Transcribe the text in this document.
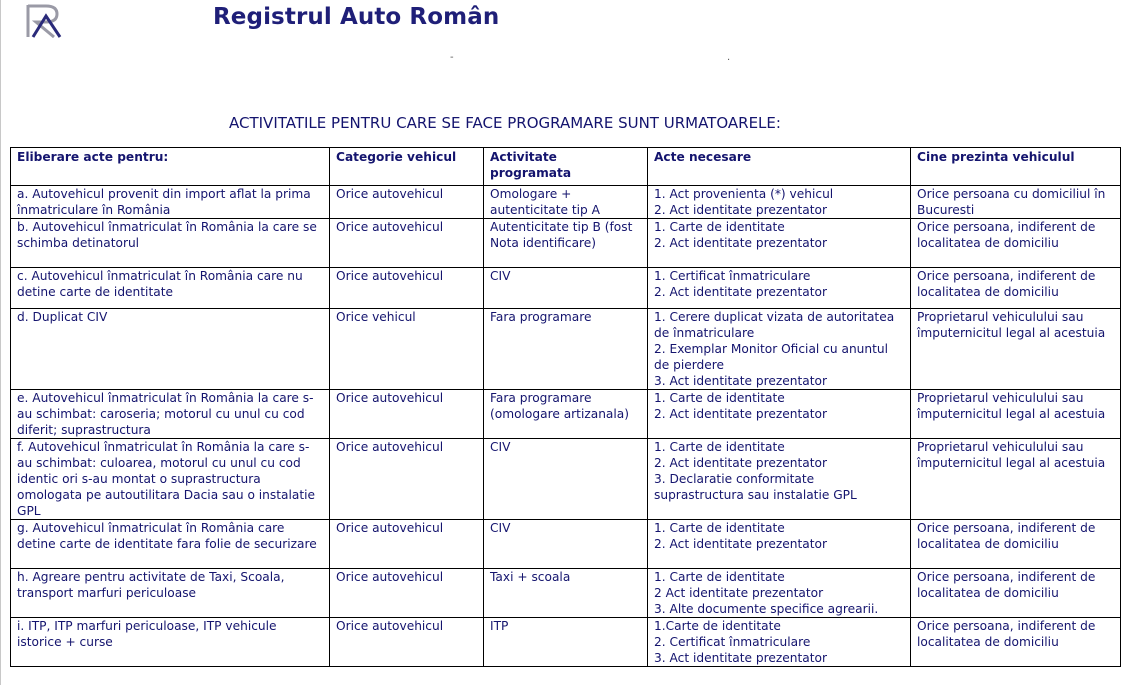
Registrul Auto Român
-	.
ACTIVITATILE PENTRU CARE SE FACE PROGRAMARE SUNT URMATOARELE:
Eliberare acte pentru:	Categorie vehicul	Activitate programata	Acte necesare	Cine prezinta vehiculul
a. Autovehicul provenit din import aflat la prima înmatriculare în România	Orice autovehicul	Omologare + autenticitate tip A	1. Act provenienta (*) vehicul
2. Act identitate prezentator	Orice persoana cu domiciliul în Bucuresti
b. Autovehicul înmatriculat în România la care se schimba detinatorul	Orice autovehicul	Autenticitate tip B (fost Nota identificare)	1. Carte de identitate
2. Act identitate prezentator	Orice persoana, indiferent de localitatea de domiciliu
c. Autovehicul înmatriculat în România care nu detine carte de identitate	Orice autovehicul	CIV	1. Certificat înmatriculare
2. Act identitate prezentator	Orice persoana, indiferent de localitatea de domiciliu
d. Duplicat CIV	Orice vehicul	Fara programare	1. Cerere duplicat vizata de autoritatea de înmatriculare
2. Exemplar Monitor Oficial cu anuntul de pierdere
3. Act identitate prezentator	Proprietarul vehiculului sau împuternicitul legal al acestuia
e. Autovehicul înmatriculat în România la care s-au schimbat: caroseria; motorul cu unul cu cod diferit; suprastructura	Orice autovehicul	Fara programare (omologare artizanala)	1. Carte de identitate
2. Act identitate prezentator	Proprietarul vehiculului sau împuternicitul legal al acestuia
f. Autovehicul înmatriculat în România la care s-au schimbat: culoarea, motorul cu unul cu cod identic ori s-au montat o suprastructura omologata pe autoutilitara Dacia sau o instalatie GPL	Orice autovehicul	CIV	1. Carte de identitate
2. Act identitate prezentator
3. Declaratie conformitate suprastructura sau instalatie GPL	Proprietarul vehiculului sau împuternicitul legal al acestuia
g. Autovehicul înmatriculat în România care detine carte de identitate fara folie de securizare	Orice autovehicul	CIV	1. Carte de identitate
2. Act identitate prezentator	Orice persoana, indiferent de localitatea de domiciliu
h. Agreare pentru activitate de Taxi, Scoala, transport marfuri periculoase	Orice autovehicul	Taxi + scoala	1. Carte de identitate
2 Act identitate prezentator
3. Alte documente specifice agrearii.	Orice persoana, indiferent de localitatea de domiciliu
i. ITP, ITP marfuri periculoase, ITP vehicule istorice + curse	Orice autovehicul	ITP	1.Carte de identitate
2. Certificat înmatriculare
3. Act identitate prezentator	Orice persoana, indiferent de localitatea de domiciliu
